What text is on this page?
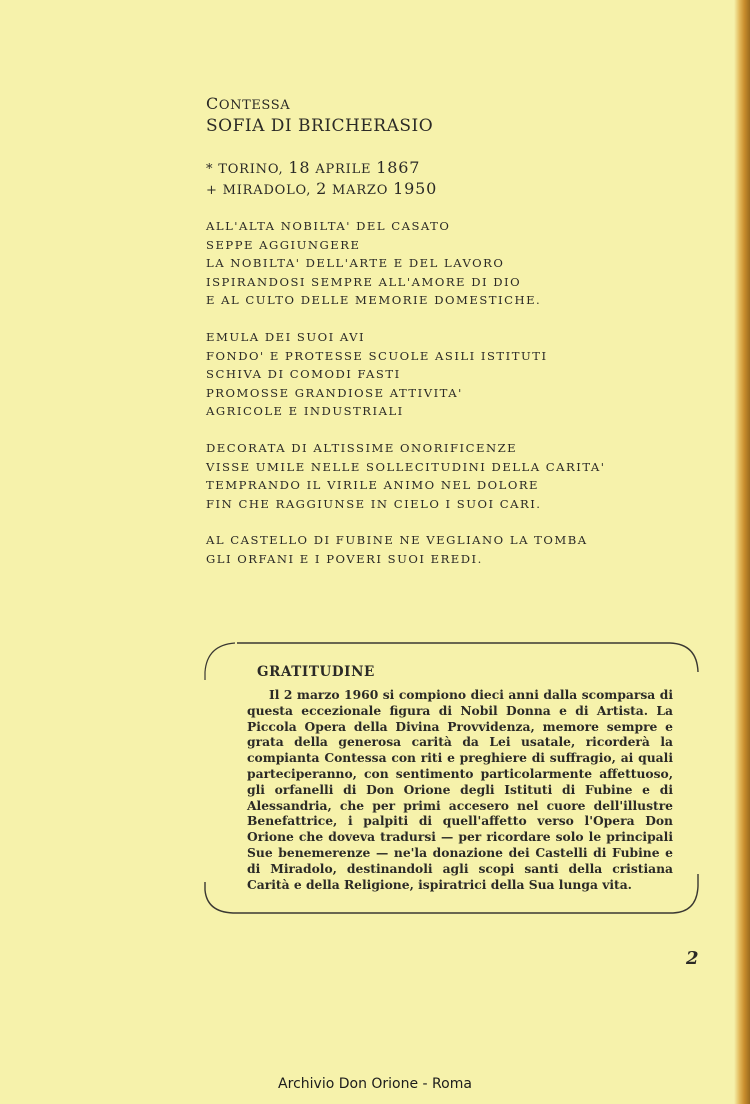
CONTESSA
SOFIA DI BRICHERASIO
* TORINO, 18 APRILE 1867
+ MIRADOLO, 2 MARZO 1950
ALL'ALTA NOBILTA' DEL CASATO
SEPPE AGGIUNGERE
LA NOBILTA' DELL'ARTE E DEL LAVORO
ISPIRANDOSI SEMPRE ALL'AMORE DI DIO
E AL CULTO DELLE MEMORIE DOMESTICHE.
EMULA DEI SUOI AVI
FONDO' E PROTESSE SCUOLE ASILI ISTITUTI
SCHIVA DI COMODI FASTI
PROMOSSE GRANDIOSE ATTIVITA'
AGRICOLE E INDUSTRIALI
DECORATA DI ALTISSIME ONORIFICENZE
VISSE UMILE NELLE SOLLECITUDINI DELLA CARITA'
TEMPRANDO IL VIRILE ANIMO NEL DOLORE
FIN CHE RAGGIUNSE IN CIELO I SUOI CARI.
AL CASTELLO DI FUBINE NE VEGLIANO LA TOMBA
GLI ORFANI E I POVERI SUOI EREDI.
GRATITUDINE
Il 2 marzo 1960 si compiono dieci anni dalla scomparsa di questa eccezionale figura di Nobil Donna e di Artista. La Piccola Opera della Divina Provvidenza, memore sempre e grata della generosa carità da Lei usatale, ricorderà la compianta Contessa con riti e preghiere di suffragio, ai quali parteciperanno, con sentimento particolarmente affettuoso, gli orfanelli di Don Orione degli Istituti di Fubine e di Alessandria, che per primi accesero nel cuore dell'illustre Benefattrice, i palpiti di quell'affetto verso l'Opera Don Orione che doveva tradursi — per ricordare solo le principali Sue benemerenze — ne'la donazione dei Castelli di Fubine e di Miradolo, destinandoli agli scopi santi della cristiana Carità e della Religione, ispiratrici della Sua lunga vita.
2
Archivio Don Orione - Roma
